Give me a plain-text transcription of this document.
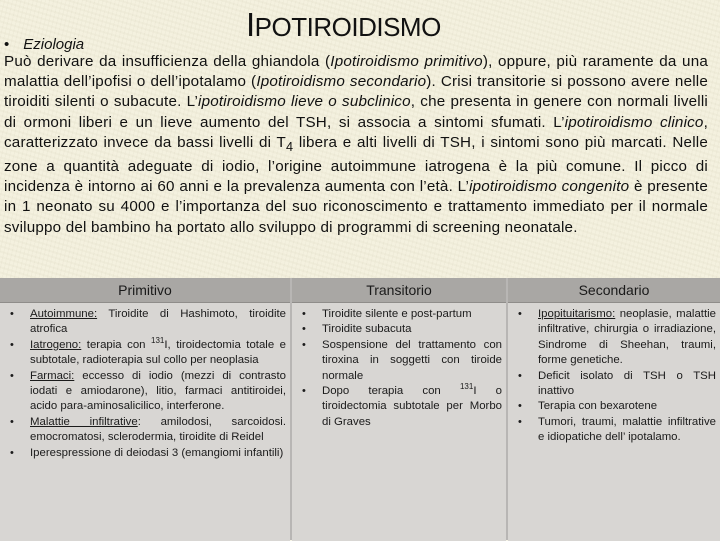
IPOTIROIDISMO
• Eziologia
Può derivare da insufficienza della ghiandola (Ipotiroidismo primitivo), oppure, più raramente da una malattia dell’ipofisi o dell’ipotalamo (Ipotiroidismo secondario). Crisi transitorie si possono avere nelle tiroiditi silenti o subacute. L’ipotiroidismo lieve o subclinico, che presenta in genere con normali livelli di ormoni liberi e un lieve aumento del TSH, si associa a sintomi sfumati. L’ipotiroidismo clinico, caratterizzato invece da bassi livelli di $T_4$ libera e alti livelli di TSH, i sintomi sono più marcati. Nelle zone a quantità adeguate di iodio, l’origine autoimmune iatrogena è la più comune. Il picco di incidenza è intorno ai 60 anni e la prevalenza aumenta con l’età. L’ipotiroidismo congenito è presente in 1 neonato su 4000 e l’importanza del suo riconoscimento e trattamento immediato per il normale sviluppo del bambino ha portato allo sviluppo di programmi di screening neonatale.
Primitivo
• Autoimmune: Tiroidite di Hashimoto, tiroidite atrofica
• Iatrogeno: terapia con $^{131}$I, tiroidectomia totale e subtotale, radioterapia sul collo per neoplasia
• Farmaci: eccesso di iodio (mezzi di contrasto iodati e amiodarone), litio, farmaci antitiroidei, acido para-aminosalicilico, interferone.
• Malattie infiltrative: amilodosi, sarcoidosi. emocromatosi, sclerodermia, tiroidite di Reidel
• Iperespressione di deiodasi 3 (emangiomi infantili)
Transitorio
• Tiroidite silente e post-partum
• Tiroidite subacuta
• Sospensione del trattamento con tiroxina in soggetti con tiroide normale
• Dopo terapia con $^{131}$I o tiroidectomia subtotale per Morbo di Graves
Secondario
• Ipopituitarismo: neoplasie, malattie infiltrative, chirurgia o irradiazione, Sindrome di Sheehan, traumi, forme genetiche.
• Deficit isolato di TSH o TSH inattivo
• Terapia con bexarotene
• Tumori, traumi, malattie infiltrative e idiopatiche dell’ ipotalamo.
